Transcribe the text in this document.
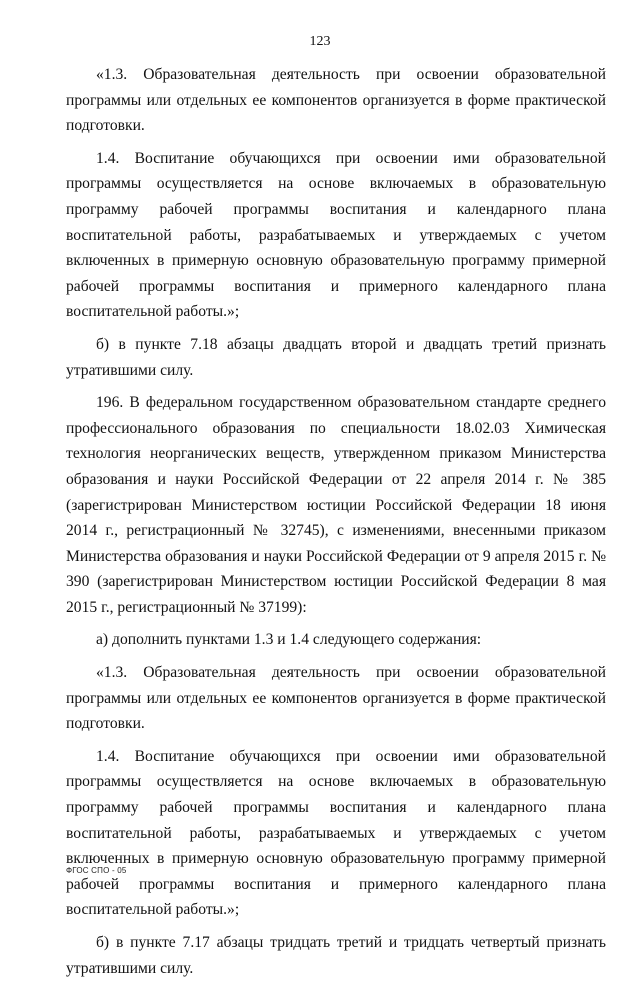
123

«1.3. Образовательная деятельность при освоении образовательной программы или отдельных ее компонентов организуется в форме практической подготовки.

1.4. Воспитание обучающихся при освоении ими образовательной программы осуществляется на основе включаемых в образовательную программу рабочей программы воспитания и календарного плана воспитательной работы, разрабатываемых и утверждаемых с учетом включенных в примерную основную образовательную программу примерной рабочей программы воспитания и примерного календарного плана воспитательной работы.»;

б) в пункте 7.18 абзацы двадцать второй и двадцать третий признать утратившими силу.

196. В федеральном государственном образовательном стандарте среднего профессионального образования по специальности 18.02.03 Химическая технология неорганических веществ, утвержденном приказом Министерства образования и науки Российской Федерации от 22 апреля 2014 г. № 385 (зарегистрирован Министерством юстиции Российской Федерации 18 июня 2014 г., регистрационный № 32745), с изменениями, внесенными приказом Министерства образования и науки Российской Федерации от 9 апреля 2015 г. № 390 (зарегистрирован Министерством юстиции Российской Федерации 8 мая 2015 г., регистрационный № 37199):

а) дополнить пунктами 1.3 и 1.4 следующего содержания:

«1.3. Образовательная деятельность при освоении образовательной программы или отдельных ее компонентов организуется в форме практической подготовки.

1.4. Воспитание обучающихся при освоении ими образовательной программы осуществляется на основе включаемых в образовательную программу рабочей программы воспитания и календарного плана воспитательной работы, разрабатываемых и утверждаемых с учетом включенных в примерную основную образовательную программу примерной рабочей программы воспитания и примерного календарного плана воспитательной работы.»;

б) в пункте 7.17 абзацы тридцать третий и тридцать четвертый признать утратившими силу.

ФГОС СПО - 05
